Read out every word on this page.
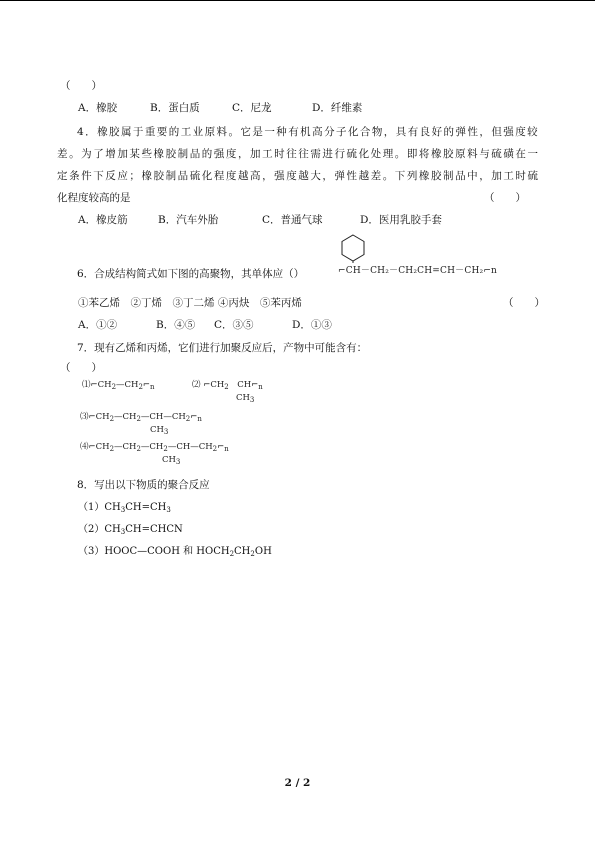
（　　）
A．橡胶	B．蛋白质	C．尼龙	D．纤维素
4．橡胶属于重要的工业原料。它是一种有机高分子化合物，具有良好的弹性，但强度较
差。为了增加某些橡胶制品的强度，加工时往往需进行硫化处理。即将橡胶原料与硫磺在一
定条件下反应；橡胶制品硫化程度越高，强度越大，弹性越差。下列橡胶制品中，加工时硫
化程度较高的是	（　　）
A．橡皮筋	B．汽车外胎	C．普通气球	D．医用乳胶手套
6．合成结构简式如下图的高聚物，其单体应（）	⌐CH－CH₂－CH₂CH=CH－CH₂⌐n
①苯乙烯　②丁烯　③丁二烯 ④丙炔　⑤苯丙烯	（　　）
A．①②	B．④⑤ C．③⑤	D．①③
7．现有乙烯和丙烯，它们进行加聚反应后，产物中可能含有：
（　　）
$⑴⌐CH_2—CH_2⌐_n$	⑵ $⌐CH_2$　$CH⌐_n$
$CH_3$
$⑶⌐CH_2—CH_2—CH—CH_2⌐_n$
$CH_3$
$⑷⌐CH_2—CH_2—CH_2—CH—CH_2⌐_n$
$CH_3$
8．写出以下物质的聚合反应
$(1)CH_3CH=CH_3$
$(2)CH_3CH=CHCN$
（3）HOOC—COOH 和 $HOCH_2CH_2OH$
2 / 2
